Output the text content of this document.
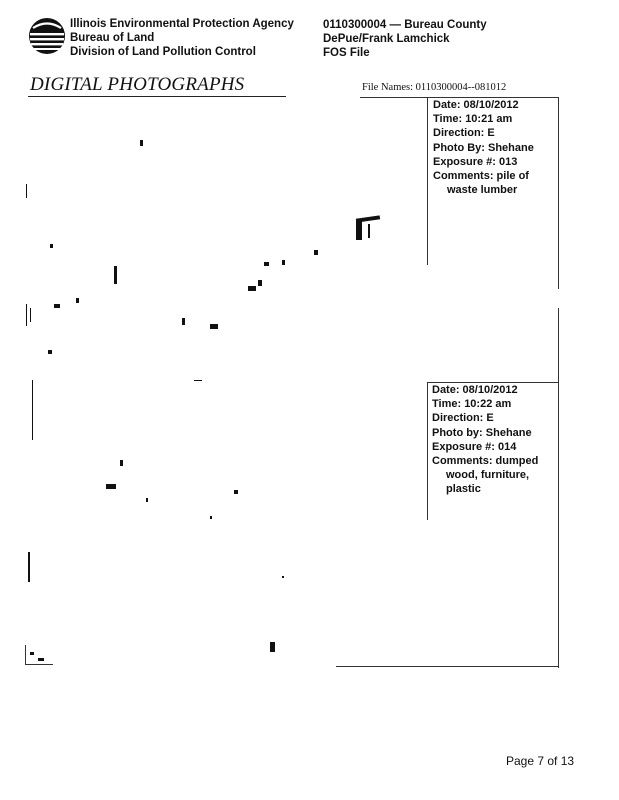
Illinois Environmental Protection Agency
Bureau of Land
Division of Land Pollution Control
0110300004 — Bureau County
DePue/Frank Lamchick
FOS File
DIGITAL PHOTOGRAPHS	File Names: 0110300004--081012
Date: 08/10/2012
Time: 10:21 am
Direction: E
Photo By: Shehane
Exposure #: 013
Comments: pile of
waste lumber
Date: 08/10/2012
Time: 10:22 am
Direction: E
Photo by: Shehane
Exposure #: 014
Comments: dumped
wood, furniture,
plastic
Page 7 of 13
